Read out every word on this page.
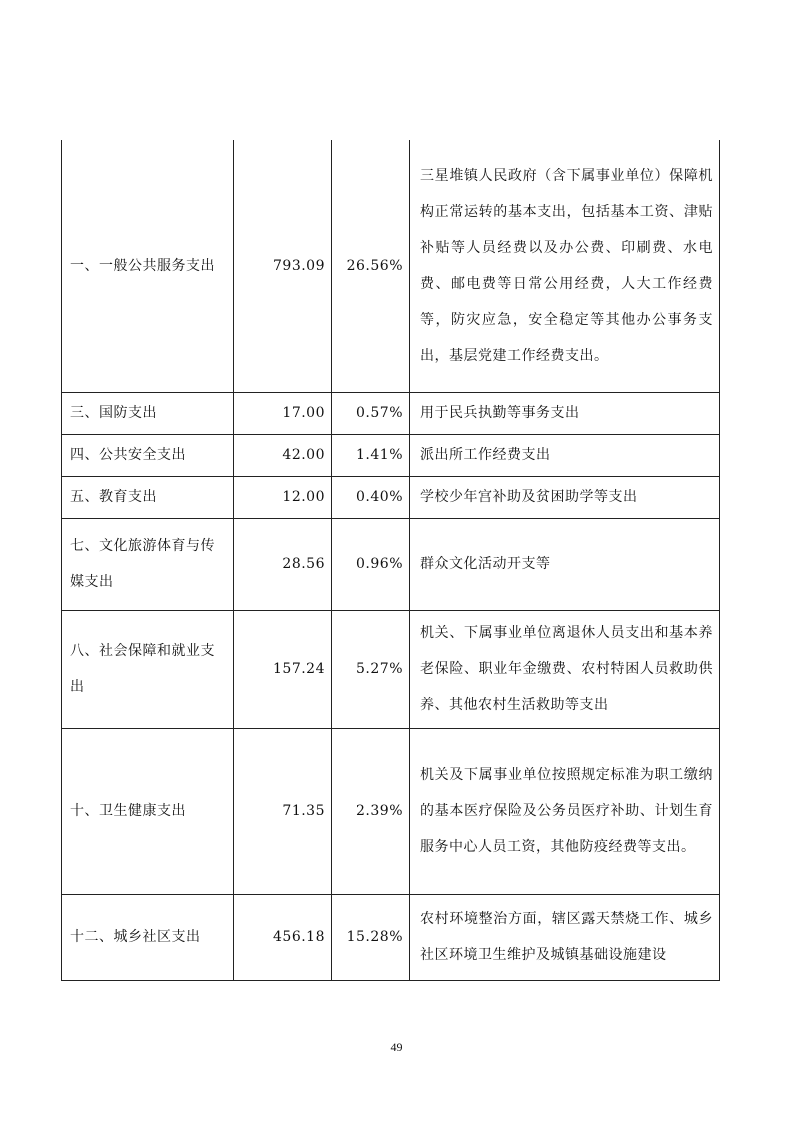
一、一般公共服务支出	793.09	26.56%	三星堆镇人民政府（含下属事业单位）保障机构正常运转的基本支出，包括基本工资、津贴补贴等人员经费以及办公费、印刷费、水电费、邮电费等日常公用经费，人大工作经费等，防灾应急，安全稳定等其他办公事务支出，基层党建工作经费支出。
三、国防支出	17.00	0.57%	用于民兵执勤等事务支出
四、公共安全支出	42.00	1.41%	派出所工作经费支出
五、教育支出	12.00	0.40%	学校少年宫补助及贫困助学等支出
七、文化旅游体育与传媒支出	28.56	0.96%	群众文化活动开支等
八、社会保障和就业支出	157.24	5.27%	机关、下属事业单位离退休人员支出和基本养老保险、职业年金缴费、农村特困人员救助供养、其他农村生活救助等支出
十、卫生健康支出	71.35	2.39%	机关及下属事业单位按照规定标准为职工缴纳的基本医疗保险及公务员医疗补助、计划生育服务中心人员工资，其他防疫经费等支出。
十二、城乡社区支出	456.18	15.28%	农村环境整治方面，辖区露天禁烧工作、城乡社区环境卫生维护及城镇基础设施建设
49
